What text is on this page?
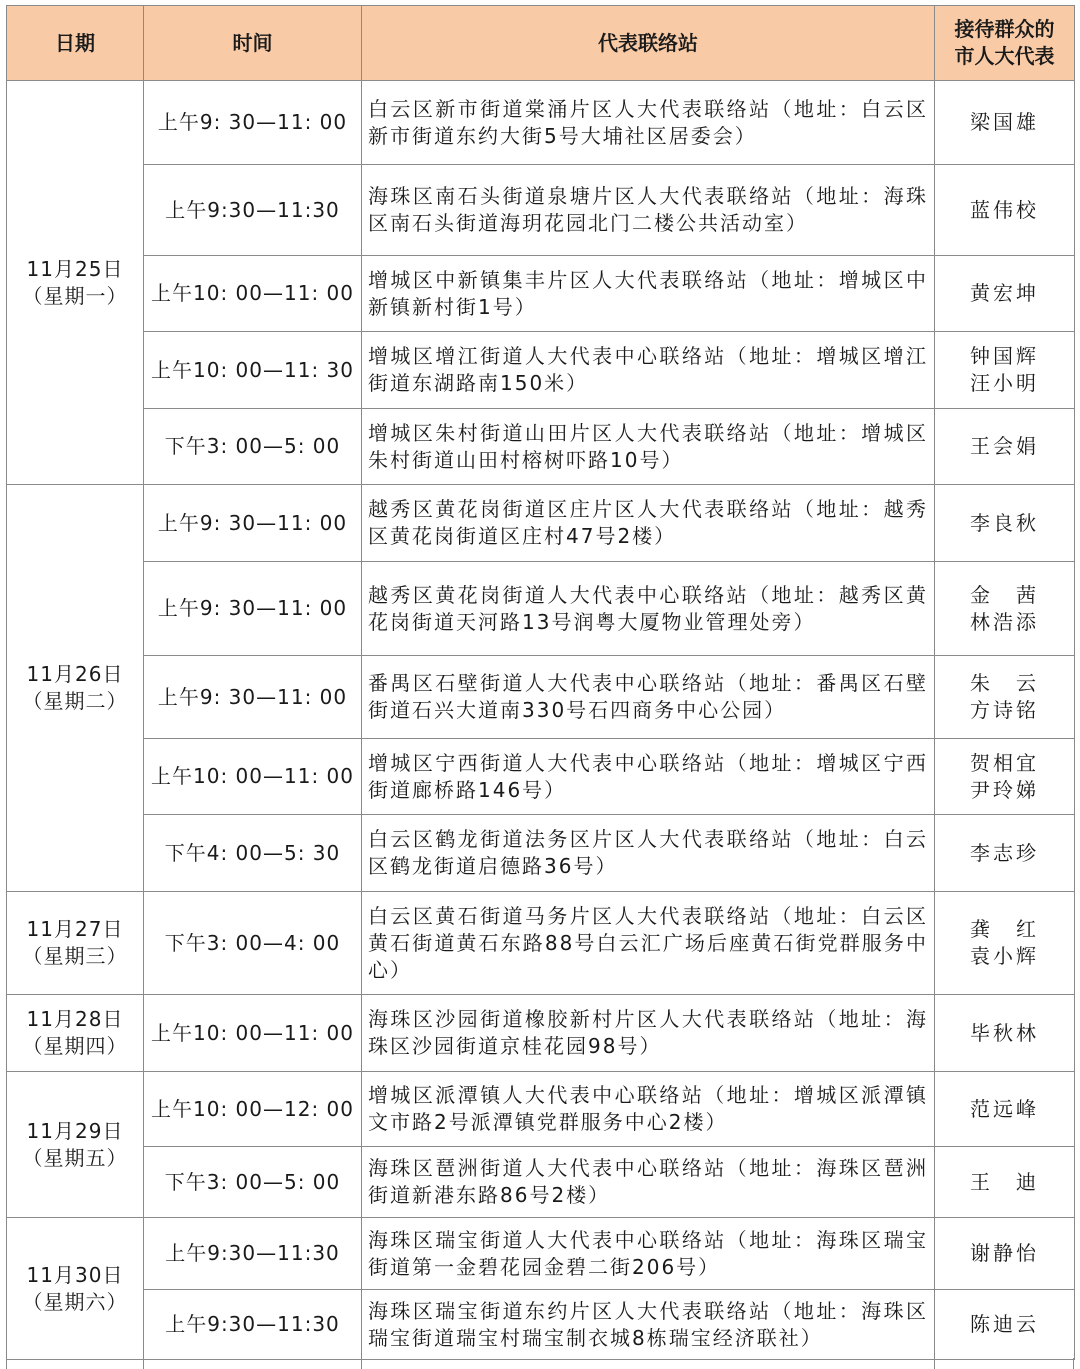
日期	时间	代表联络站	接待群众的
市人大代表

11月25日
（星期一）	上午9: 30—11: 00	白云区新市街道棠涌片区人大代表联络站（地址：白云区新市街道东约大街5号大埔社区居委会）	梁国雄

	上午9:30—11:30	海珠区南石头街道泉塘片区人大代表联络站（地址：海珠区南石头街道海玥花园北门二楼公共活动室）	蓝伟校

	上午10: 00—11: 00	增城区中新镇集丰片区人大代表联络站（地址：增城区中新镇新村街1号）	黄宏坤

	上午10: 00—11: 30	增城区增江街道人大代表中心联络站（地址：增城区增江街道东湖路南150米）	钟国辉
汪小明

	下午3: 00—5: 00	增城区朱村街道山田片区人大代表联络站（地址：增城区朱村街道山田村榕树吓路10号）	王会娟

11月26日
（星期二）	上午9: 30—11: 00	越秀区黄花岗街道区庄片区人大代表联络站（地址：越秀区黄花岗街道区庄村47号2楼）	李良秋

	上午9: 30—11: 00	越秀区黄花岗街道人大代表中心联络站（地址：越秀区黄花岗街道天河路13号润粤大厦物业管理处旁）	金　茜
林浩添

	上午9: 30—11: 00	番禺区石壁街道人大代表中心联络站（地址：番禺区石壁街道石兴大道南330号石四商务中心公园）	朱　云
方诗铭

	上午10: 00—11: 00	增城区宁西街道人大代表中心联络站（地址：增城区宁西街道廊桥路146号）	贺相宜
尹玲娣

	下午4: 00—5: 30	白云区鹤龙街道法务区片区人大代表联络站（地址：白云区鹤龙街道启德路36号）	李志珍

11月27日
（星期三）	下午3: 00—4: 00	白云区黄石街道马务片区人大代表联络站（地址：白云区黄石街道黄石东路88号白云汇广场后座黄石街党群服务中心）	龚　红
袁小辉

11月28日
（星期四）	上午10: 00—11: 00	海珠区沙园街道橡胶新村片区人大代表联络站（地址：海珠区沙园街道京桂花园98号）	毕秋林

11月29日
（星期五）	上午10: 00—12: 00	增城区派潭镇人大代表中心联络站（地址：增城区派潭镇文市路2号派潭镇党群服务中心2楼）	范远峰

	下午3: 00—5: 00	海珠区琶洲街道人大代表中心联络站（地址：海珠区琶洲街道新港东路86号2楼）	王　迪

11月30日
（星期六）	上午9:30—11:30	海珠区瑞宝街道人大代表中心联络站（地址：海珠区瑞宝街道第一金碧花园金碧二街206号）	谢静怡

	上午9:30—11:30	海珠区瑞宝街道东约片区人大代表联络站（地址：海珠区瑞宝街道瑞宝村瑞宝制衣城8栋瑞宝经济联社）	陈迪云
